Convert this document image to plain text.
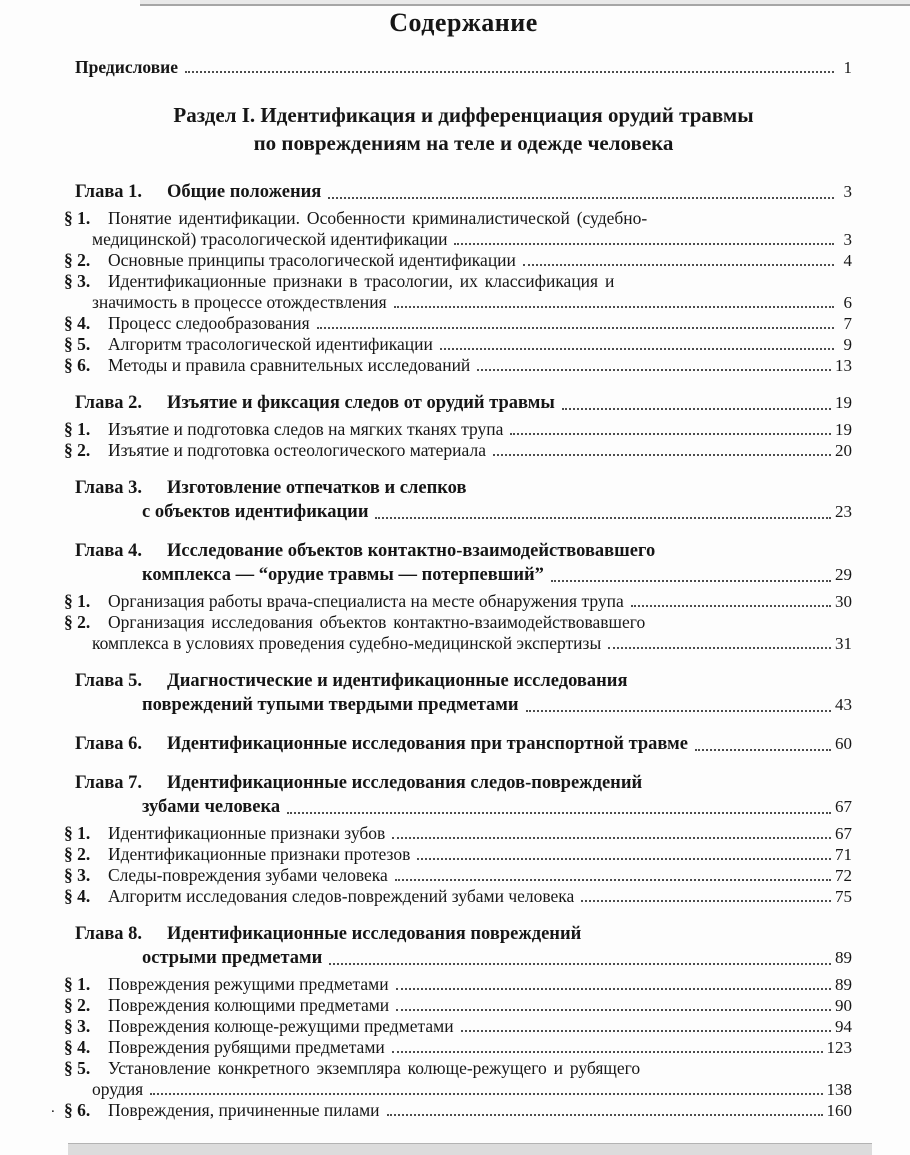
Содержание
Предисловие	1
Раздел I. Идентификация и дифференциация орудий травмы
по повреждениям на теле и одежде человека
Глава 1.	Общие положения	3
§ 1.	Понятие идентификации. Особенности криминалистической (судебно-
медицинской) трасологической идентификации	3
§ 2.	Основные принципы трасологической идентификации	4
§ 3.	Идентификационные признаки в трасологии, их классификация и
значимость в процессе отождествления	6
§ 4.	Процесс следообразования	7
§ 5.	Алгоритм трасологической идентификации	9
§ 6.	Методы и правила сравнительных исследований	13
Глава 2.	Изъятие и фиксация следов от орудий травмы	19
§ 1.	Изъятие и подготовка следов на мягких тканях трупа	19
§ 2.	Изъятие и подготовка остеологического материала	20
Глава 3.	Изготовление отпечатков и слепков
с объектов идентификации	23
Глава 4.	Исследование объектов контактно-взаимодействовавшего
комплекса — “орудие травмы — потерпевший”	29
§ 1.	Организация работы врача-специалиста на месте обнаружения трупа	30
§ 2.	Организация исследования объектов контактно-взаимодействовавшего
комплекса в условиях проведения судебно-медицинской экспертизы	31
Глава 5.	Диагностические и идентификационные исследования
повреждений тупыми твердыми предметами	43
Глава 6.	Идентификационные исследования при транспортной травме	60
Глава 7.	Идентификационные исследования следов-повреждений
зубами человека	67
§ 1.	Идентификационные признаки зубов	67
§ 2.	Идентификационные признаки протезов	71
§ 3.	Следы-повреждения зубами человека	72
§ 4.	Алгоритм исследования следов-повреждений зубами человека	75
Глава 8.	Идентификационные исследования повреждений
острыми предметами	89
§ 1.	Повреждения режущими предметами	89
§ 2.	Повреждения колющими предметами	90
§ 3.	Повреждения колюще-режущими предметами	94
§ 4.	Повреждения рубящими предметами	123
§ 5.	Установление конкретного экземпляра колюще-режущего и рубящего
орудия	138
. § 6.	Повреждения, причиненные пилами	160
